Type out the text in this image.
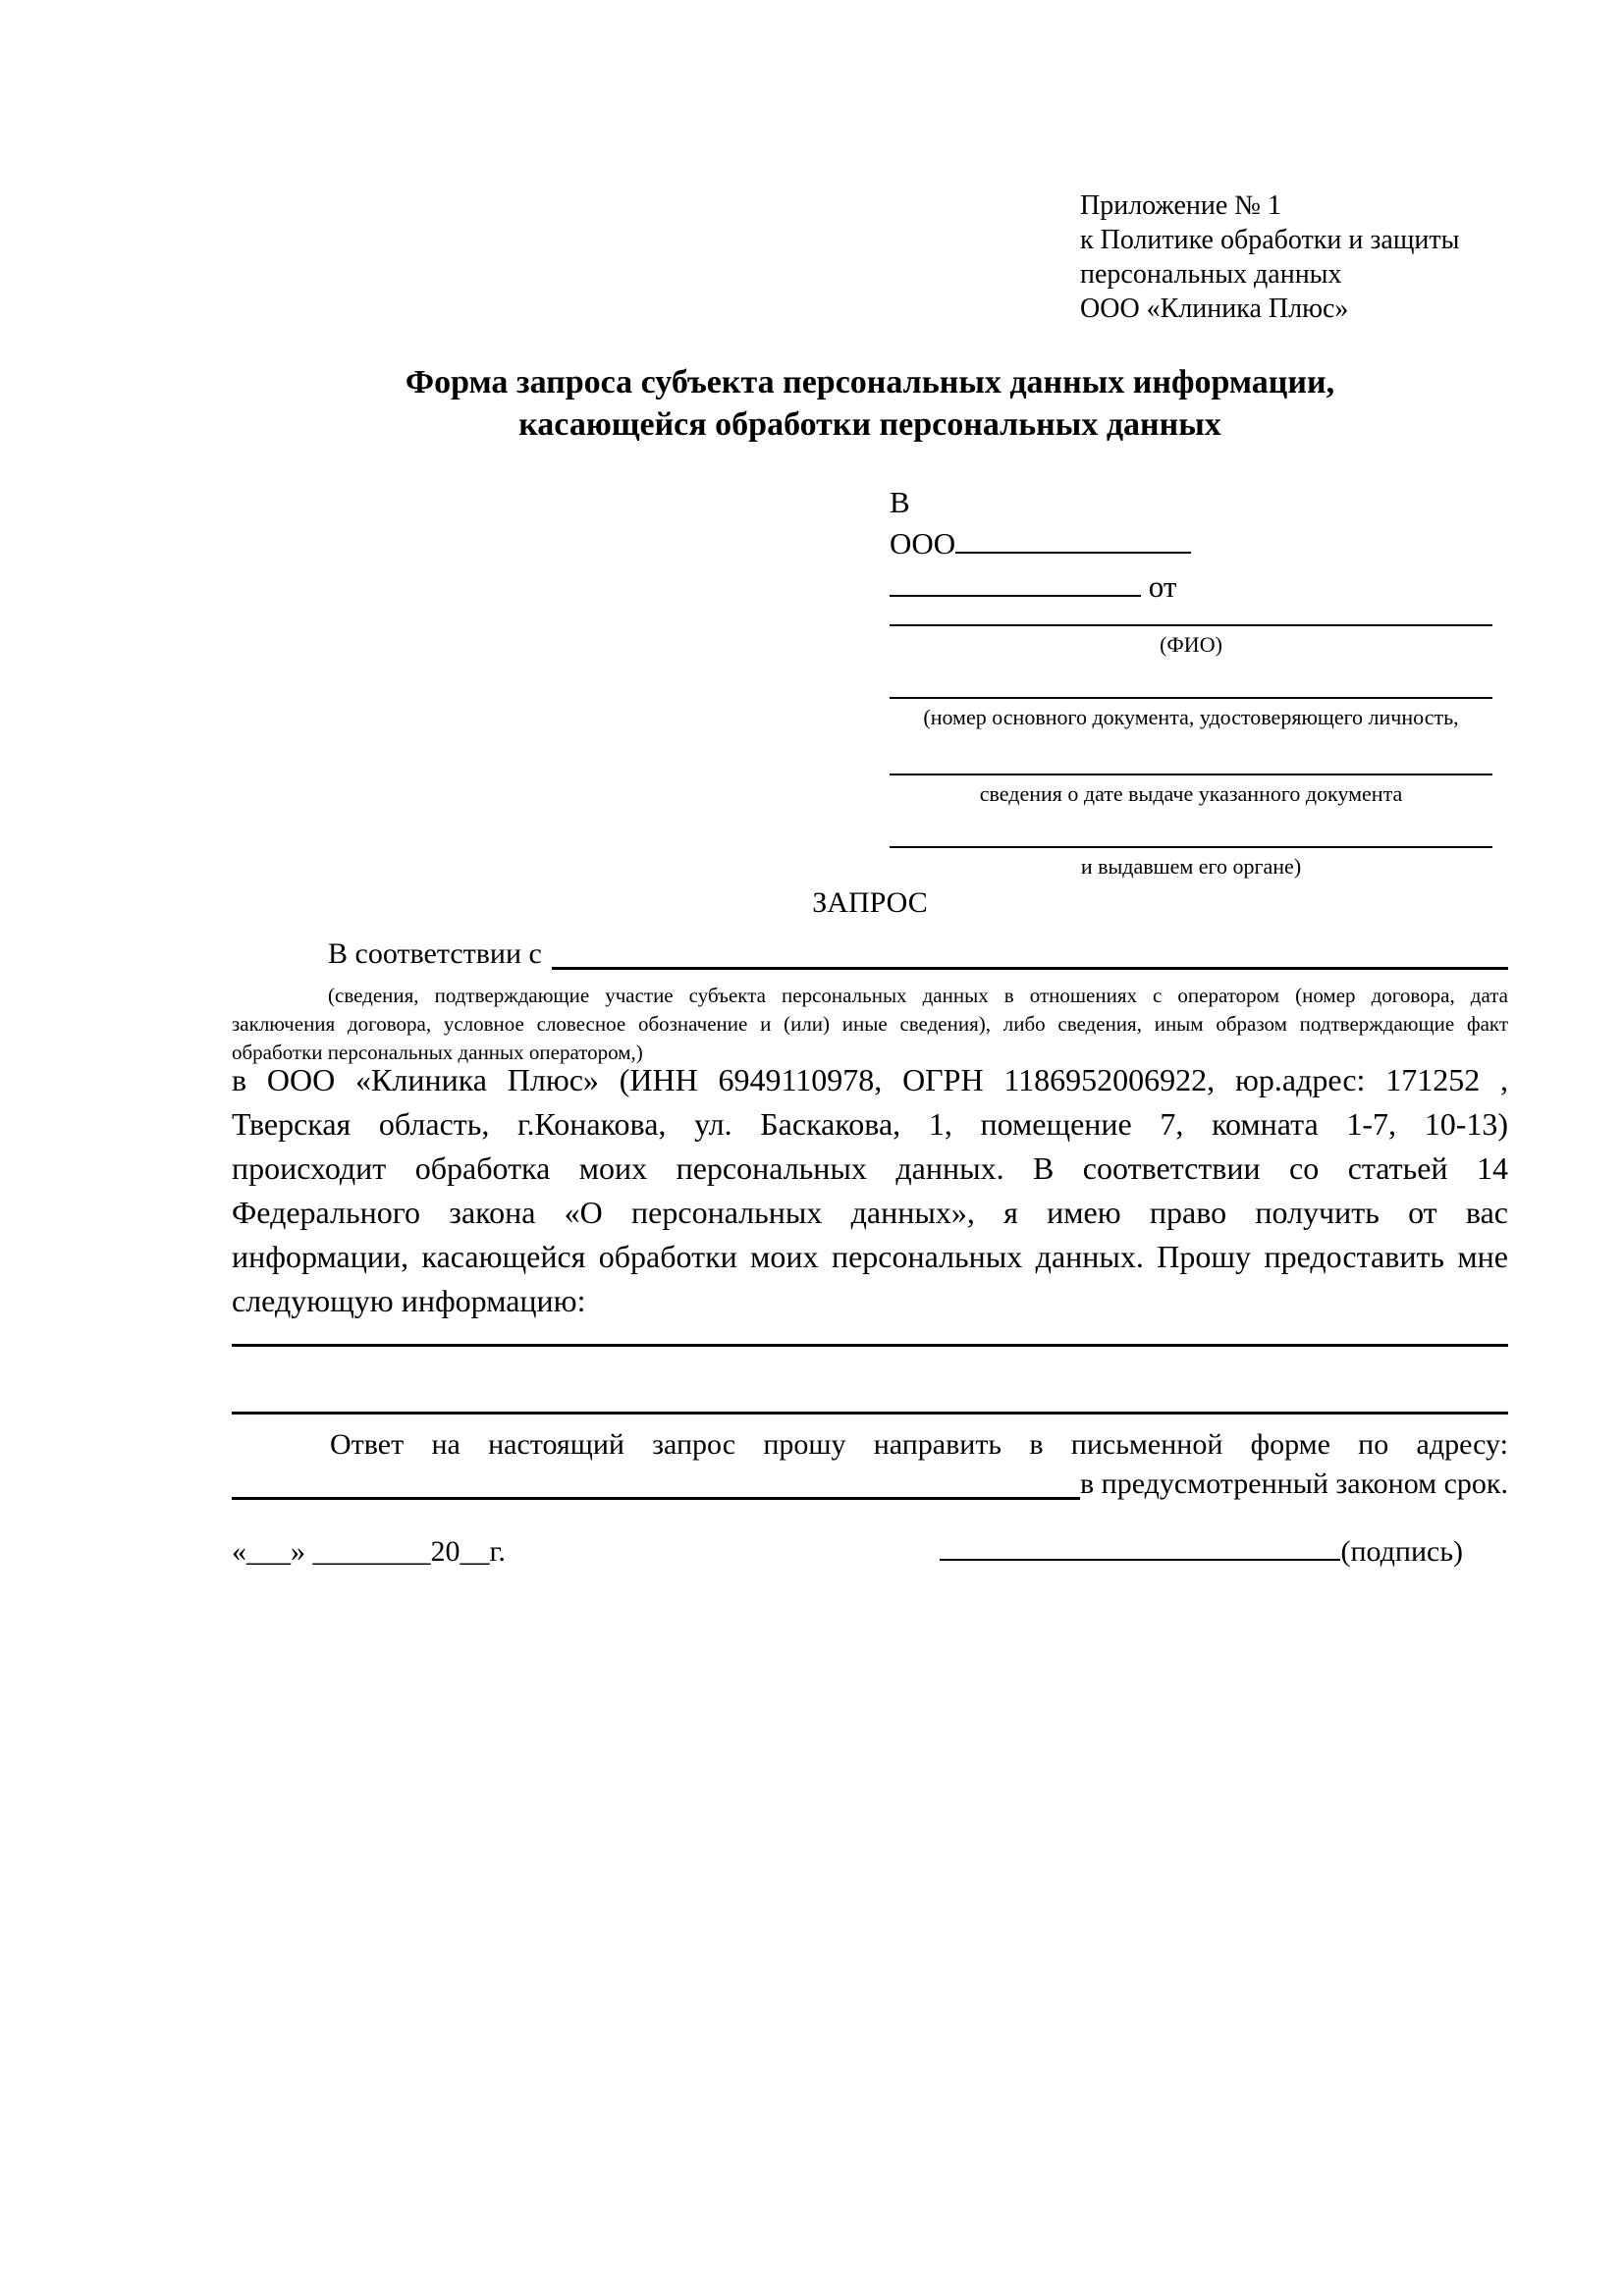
Приложение № 1
к Политике обработки и защиты
персональных данных
ООО «Клиника Плюс»
Форма запроса субъекта персональных данных информации,
касающейся обработки персональных данных
В
ООО
от
(ФИО)
(номер основного документа, удостоверяющего личность,
сведения о дате выдаче указанного документа
и выдавшем его органе)
ЗАПРОС
В соответствии с
(сведения, подтверждающие участие субъекта персональных данных в отношениях с оператором (номер договора, дата
заключения договора, условное словесное обозначение и (или) иные сведения), либо сведения, иным образом подтверждающие факт
обработки персональных данных оператором,)
в ООО «Клиника Плюс» (ИНН 6949110978, ОГРН 1186952006922, юр.адрес: 171252 ,
Тверская область, г.Конакова, ул. Баскакова, 1, помещение 7, комната 1-7, 10-13)
происходит обработка моих персональных данных. В соответствии со статьей 14
Федерального закона «О персональных данных», я имею право получить от вас
информации, касающейся обработки моих персональных данных. Прошу предоставить мне
следующую информацию:
Ответ на настоящий запрос прошу направить в письменной форме по адресу:
в предусмотренный законом срок.
«___» ________20__г.	(подпись)
